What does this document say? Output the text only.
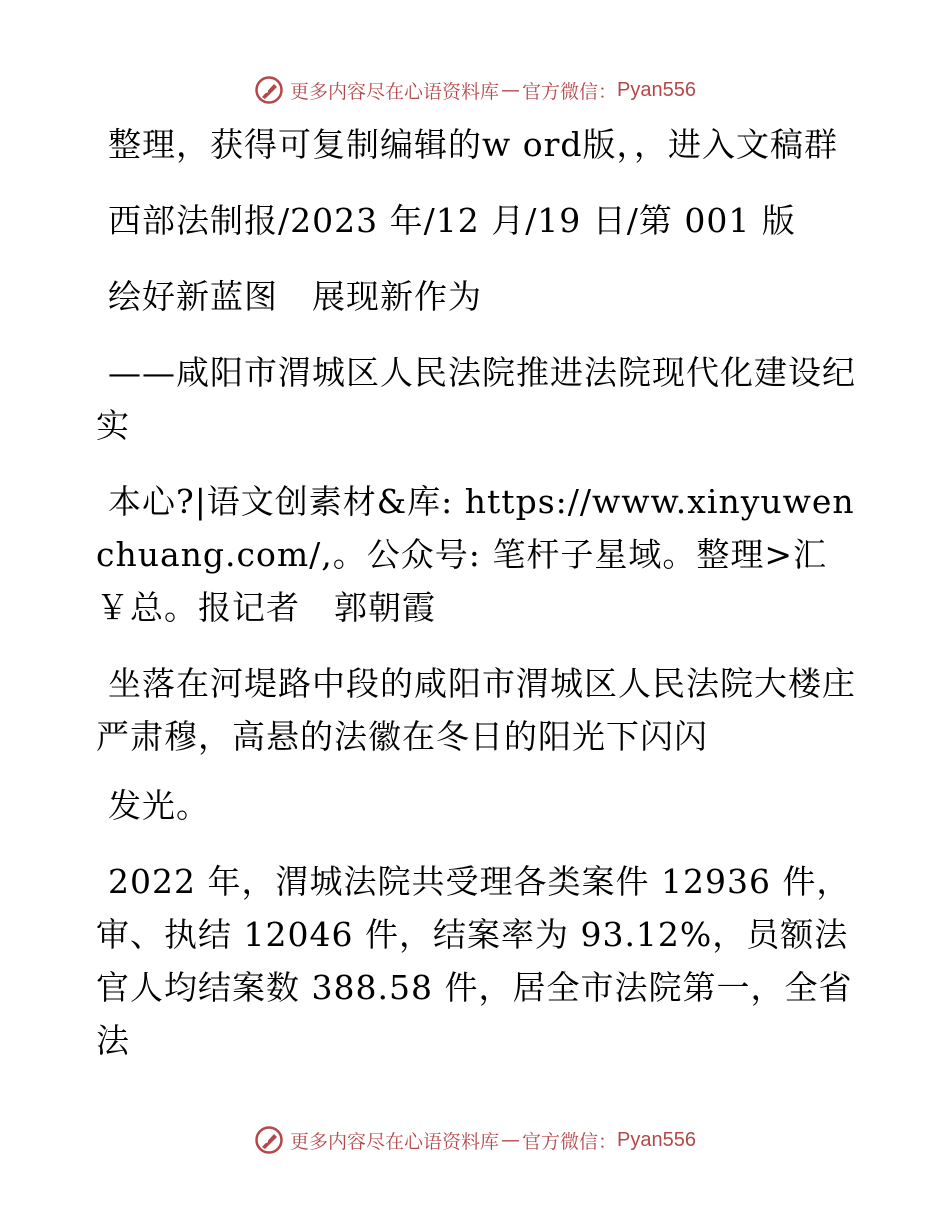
更多内容尽在心语资料库 — 官方微信： Pyan556

整理，获得可复制编辑的w ord版，，进入文稿群

西部法制报/2023 年/12 月/19 日/第 001 版

绘好新蓝图　展现新作为

——咸阳市渭城区人民法院推进法院现代化建设纪实

本心?|语文创素材&库: https://www.xinyuwenchuang.com/,。公众号: 笔杆子星域。整理>汇￥总。报记者　郭朝霞

坐落在河堤路中段的咸阳市渭城区人民法院大楼庄严肃穆，高悬的法徽在冬日的阳光下闪闪

发光。

2022 年，渭城法院共受理各类案件 12936 件，审、执结 12046 件，结案率为 93.12%，员额法官人均结案数 388.58 件，居全市法院第一，全省法

更多内容尽在心语资料库 — 官方微信： Pyan556
